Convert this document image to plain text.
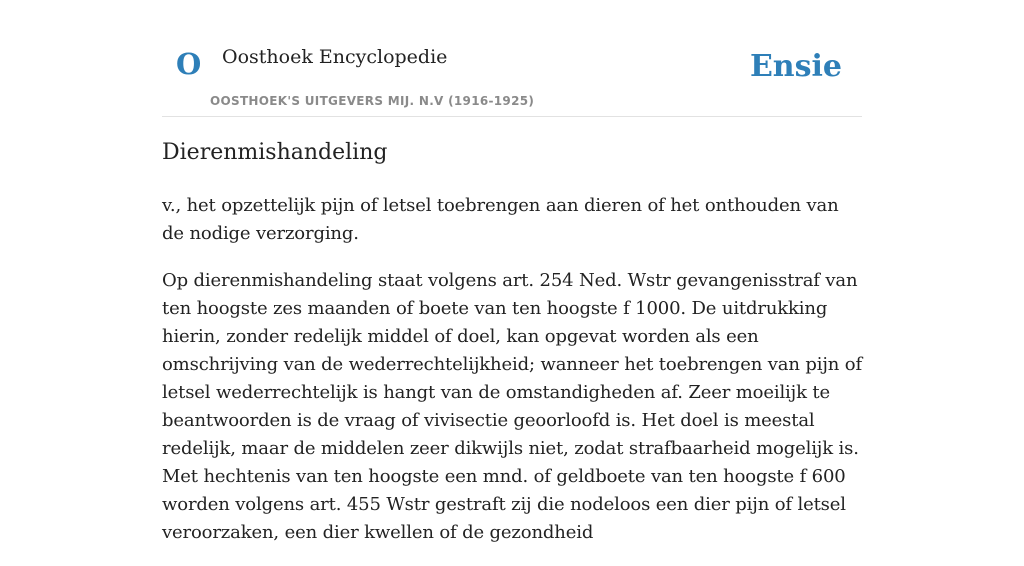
O Oosthoek Encyclopedie
OOSTHOEK'S UITGEVERS MIJ. N.V (1916-1925)
Ensie
Dierenmishandeling

v., het opzettelijk pijn of letsel toebrengen aan dieren of het onthouden van de nodige verzorging.

Op dierenmishandeling staat volgens art. 254 Ned. Wstr gevangenisstraf van ten hoogste zes maanden of boete van ten hoogste f 1000. De uitdrukking hierin, zonder redelijk middel of doel, kan opgevat worden als een omschrijving van de wederrechtelijkheid; wanneer het toebrengen van pijn of letsel wederrechtelijk is hangt van de omstandigheden af. Zeer moeilijk te beantwoorden is de vraag of vivisectie geoorloofd is. Het doel is meestal redelijk, maar de middelen zeer dikwijls niet, zodat strafbaarheid mogelijk is. Met hechtenis van ten hoogste een mnd. of geldboete van ten hoogste f 600 worden volgens art. 455 Wstr gestraft zij die nodeloos een dier pijn of letsel veroorzaken, een dier kwellen of de gezondheid
